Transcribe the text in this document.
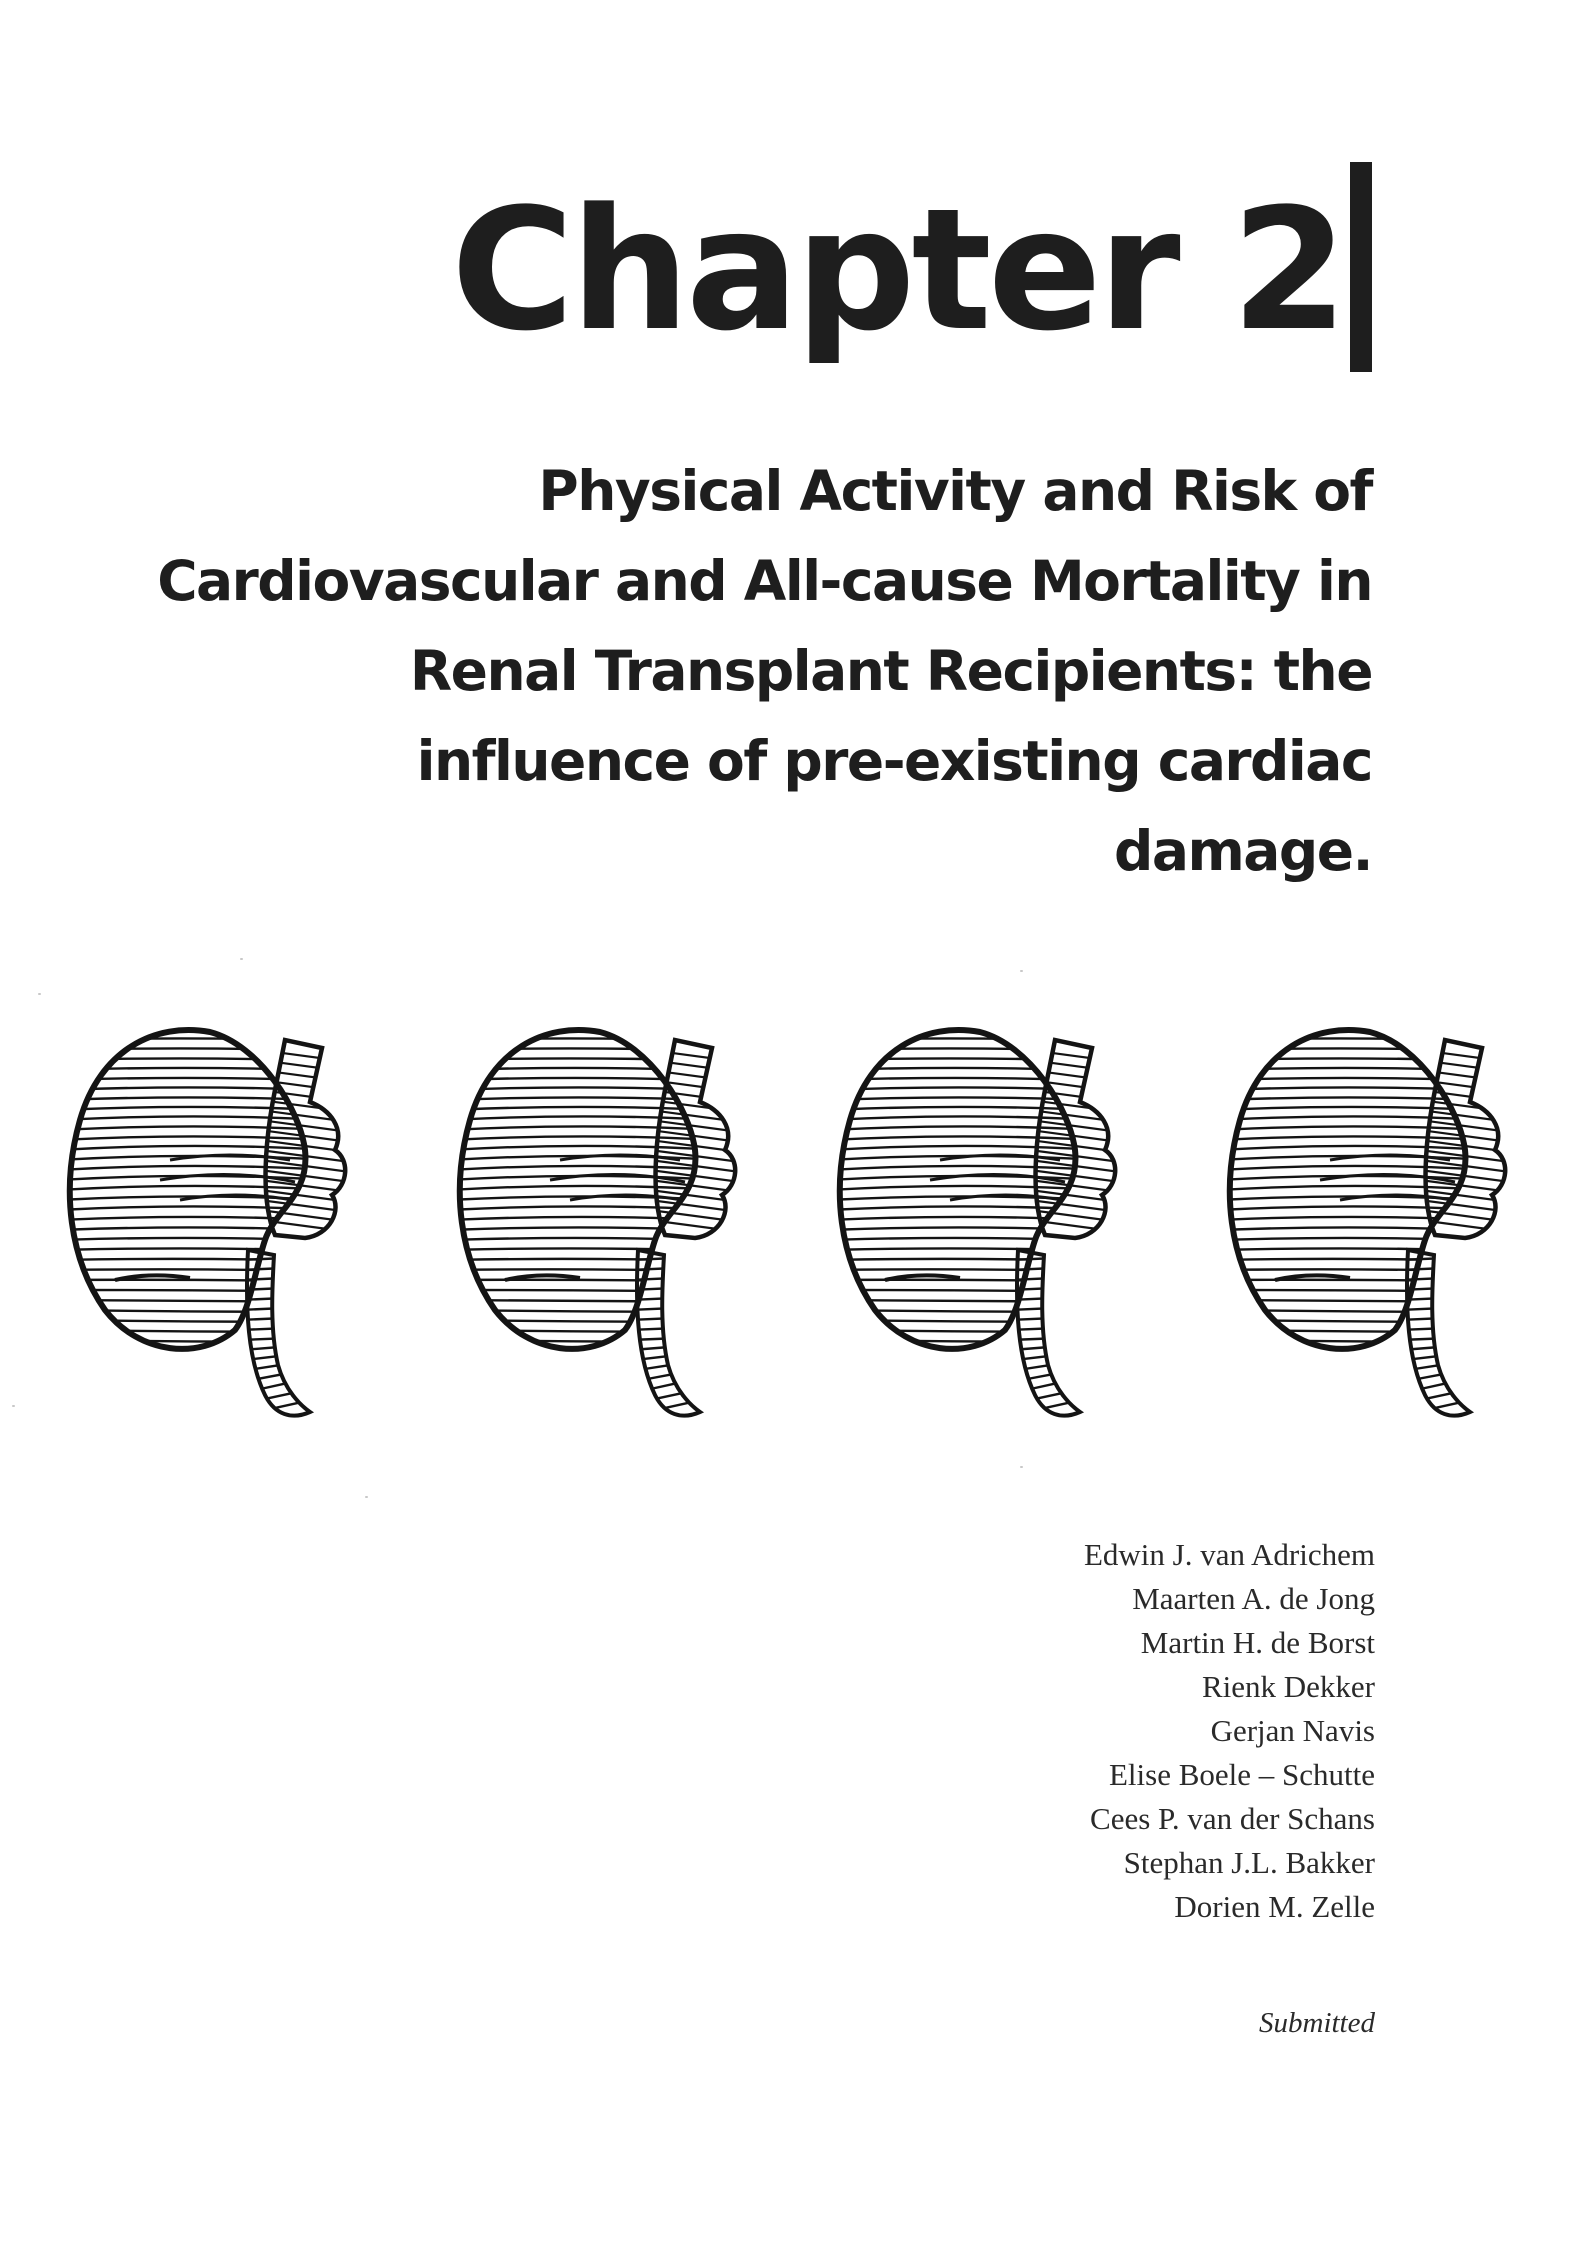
Chapter 2
Physical Activity and Risk of
Cardiovascular and All-cause Mortality in
Renal Transplant Recipients: the
influence of pre-existing cardiac
damage.
Edwin J. van Adrichem
Maarten A. de Jong
Martin H. de Borst
Rienk Dekker
Gerjan Navis
Elise Boele – Schutte
Cees P. van der Schans
Stephan J.L. Bakker
Dorien M. Zelle

Submitted
